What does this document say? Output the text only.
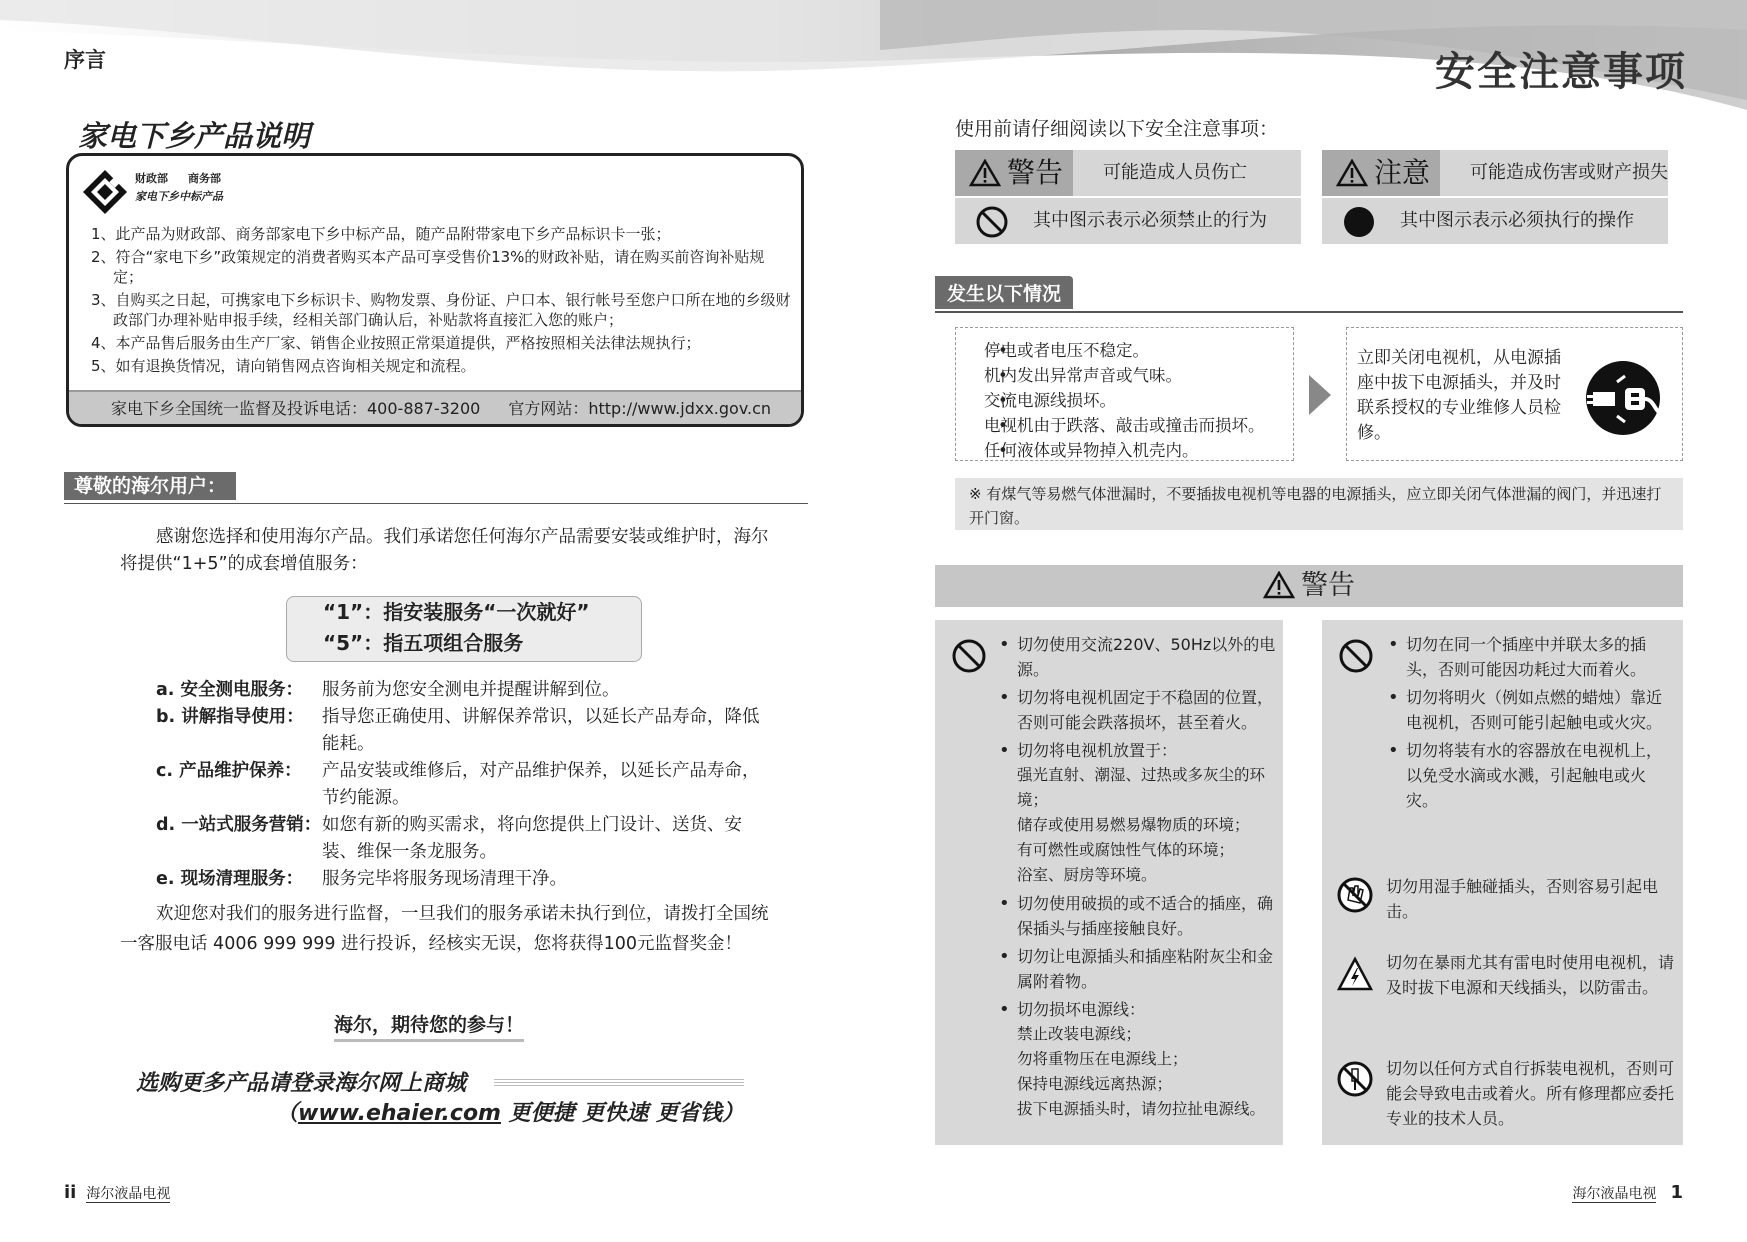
序言	安全注意事项
家电下乡产品说明
财政部 商务部
家电下乡中标产品
1、此产品为财政部、商务部家电下乡中标产品，随产品附带家电下乡产品标识卡一张；
2、符合“家电下乡”政策规定的消费者购买本产品可享受售价13%的财政补贴，请在购买前咨询补贴规定；
3、自购买之日起，可携家电下乡标识卡、购物发票、身份证、户口本、银行帐号至您户口所在地的乡级财政部门办理补贴申报手续，经相关部门确认后，补贴款将直接汇入您的账户；
4、本产品售后服务由生产厂家、销售企业按照正常渠道提供，严格按照相关法律法规执行；
5、如有退换货情况，请向销售网点咨询相关规定和流程。
家电下乡全国统一监督及投诉电话：400-887-3200 官方网站：http://www.jdxx.gov.cn
尊敬的海尔用户：
感谢您选择和使用海尔产品。我们承诺您任何海尔产品需要安装或维护时，海尔将提供“1+5”的成套增值服务：
“1”：指安装服务“一次就好”
“5”：指五项组合服务
a. 安全测电服务：	服务前为您安全测电并提醒讲解到位。
b. 讲解指导使用：	指导您正确使用、讲解保养常识，以延长产品寿命，降低能耗。
c. 产品维护保养：	产品安装或维修后，对产品维护保养，以延长产品寿命，节约能源。
d. 一站式服务营销： 如您有新的购买需求，将向您提供上门设计、送货、安装、维保一条龙服务。
e. 现场清理服务：	服务完毕将服务现场清理干净。
欢迎您对我们的服务进行监督，一旦我们的服务承诺未执行到位，请拨打全国统一客服电话 4006 999 999 进行投诉，经核实无误，您将获得100元监督奖金！
海尔，期待您的参与！
选购更多产品请登录海尔网上商城
（www.ehaier.com 更便捷 更快速 更省钱）
ii 海尔液晶电视	海尔液晶电视 1
使用前请仔细阅读以下安全注意事项：
警告 可能造成人员伤亡	注意 可能造成伤害或财产损失
其中图示表示必须禁止的行为	其中图示表示必须执行的操作
发生以下情况
• 停电或者电压不稳定。
• 机内发出异常声音或气味。
• 交流电源线损坏。
• 电视机由于跌落、敲击或撞击而损坏。
• 任何液体或异物掉入机壳内。
立即关闭电视机，从电源插座中拔下电源插头，并及时联系授权的专业维修人员检修。
※ 有煤气等易燃气体泄漏时，不要插拔电视机等电器的电源插头，应立即关闭气体泄漏的阀门，并迅速打开门窗。
警告
• 切勿使用交流220V、50Hz以外的电源。
• 切勿将电视机固定于不稳固的位置，否则可能会跌落损坏，甚至着火。
• 切勿将电视机放置于：
强光直射、潮湿、过热或多灰尘的环境；
储存或使用易燃易爆物质的环境；
有可燃性或腐蚀性气体的环境；
浴室、厨房等环境。
• 切勿使用破损的或不适合的插座，确保插头与插座接触良好。
• 切勿让电源插头和插座粘附灰尘和金属附着物。
• 切勿损坏电源线：
禁止改装电源线；
勿将重物压在电源线上；
保持电源线远离热源；
拔下电源插头时，请勿拉扯电源线。
• 切勿在同一个插座中并联太多的插头，否则可能因功耗过大而着火。
• 切勿将明火（例如点燃的蜡烛）靠近电视机，否则可能引起触电或火灾。
• 切勿将装有水的容器放在电视机上，以免受水滴或水溅，引起触电或火灾。
切勿用湿手触碰插头，否则容易引起电击。
切勿在暴雨尤其有雷电时使用电视机，请及时拔下电源和天线插头，以防雷击。
切勿以任何方式自行拆装电视机，否则可能会导致电击或着火。所有修理都应委托专业的技术人员。
